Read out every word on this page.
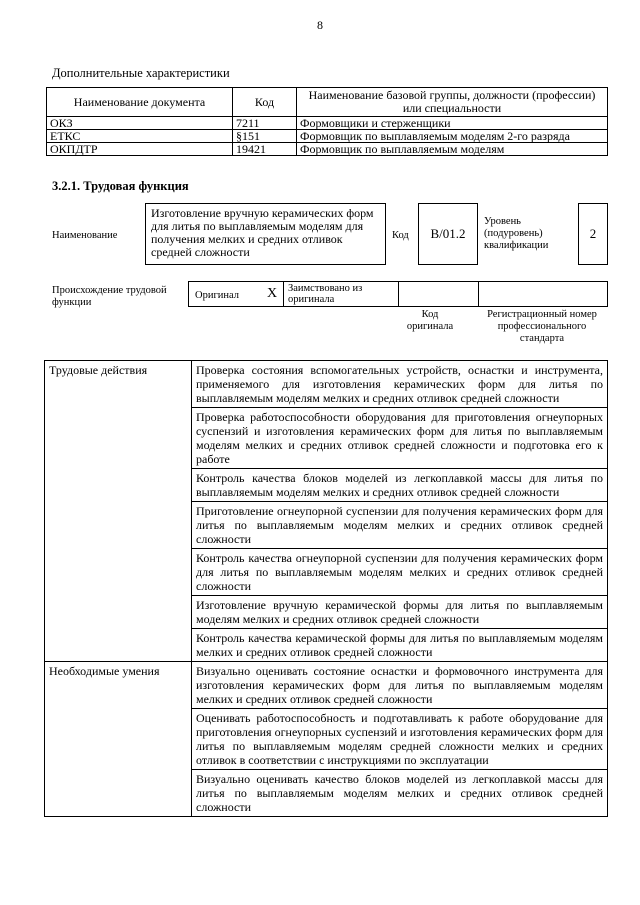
8
Дополнительные характеристики
Наименование документа	Код	Наименование базовой группы, должности (профессии) или специальности
ОКЗ	7211	Формовщики и стерженщики
ЕТКС	§151	Формовщик по выплавляемым моделям 2-го разряда
ОКПДТР	19421	Формовщик по выплавляемым моделям
3.2.1. Трудовая функция
Наименование
Изготовление вручную керамических форм для литья по выплавляемым моделям для получения мелких и средних отливок средней сложности
Код	В/01.2
Уровень (подуровень) квалификации
2
Происхождение трудовой функции
Оригинал X Заимствовано из оригинала
Код оригинала
Регистрационный номер профессионального стандарта
Трудовые действия	Проверка состояния вспомогательных устройств, оснастки и инструмента, применяемого для изготовления керамических форм для литья по выплавляемым моделям мелких и средних отливок средней сложности
	Проверка работоспособности оборудования для приготовления огнеупорных суспензий и изготовления керамических форм для литья по выплавляемым моделям мелких и средних отливок средней сложности и подготовка его к работе
	Контроль качества блоков моделей из легкоплавкой массы для литья по выплавляемым моделям мелких и средних отливок средней сложности
	Приготовление огнеупорной суспензии для получения керамических форм для литья по выплавляемым моделям мелких и средних отливок средней сложности
	Контроль качества огнеупорной суспензии для получения керамических форм для литья по выплавляемым моделям мелких и средних отливок средней сложности
	Изготовление вручную керамической формы для литья по выплавляемым моделям мелких и средних отливок средней сложности
	Контроль качества керамической формы для литья по выплавляемым моделям мелких и средних отливок средней сложности
Необходимые умения	Визуально оценивать состояние оснастки и формовочного инструмента для изготовления керамических форм для литья по выплавляемым моделям мелких и средних отливок средней сложности
	Оценивать работоспособность и подготавливать к работе оборудование для приготовления огнеупорных суспензий и изготовления керамических форм для литья по выплавляемым моделям средней сложности мелких и средних отливок в соответствии с инструкциями по эксплуатации
	Визуально оценивать качество блоков моделей из легкоплавкой массы для литья по выплавляемым моделям мелких и средних отливок средней сложности
